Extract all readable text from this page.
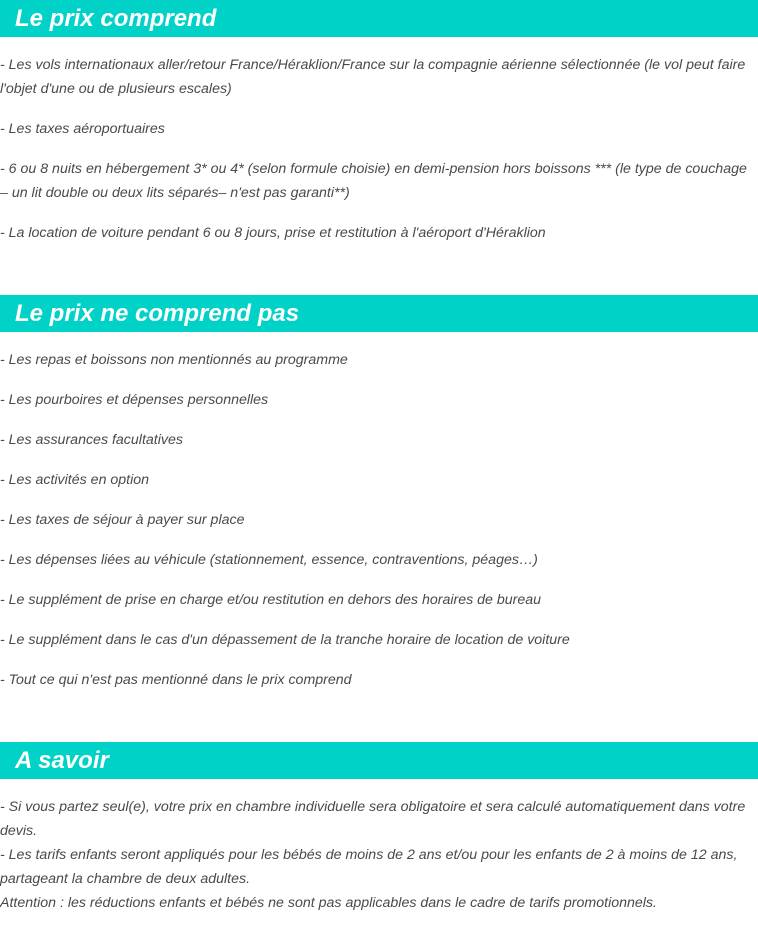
Le prix comprend
- Les vols internationaux aller/retour France/Héraklion/France sur la compagnie aérienne sélectionnée (le vol peut faire l'objet d'une ou de plusieurs escales)
- Les taxes aéroportuaires
- 6 ou 8 nuits en hébergement 3* ou 4* (selon formule choisie) en demi-pension hors boissons *** (le type de couchage – un lit double ou deux lits séparés– n'est pas garanti**)
- La location de voiture pendant 6 ou 8 jours, prise et restitution à l'aéroport d'Héraklion
Le prix ne comprend pas
- Les repas et boissons non mentionnés au programme
- Les pourboires et dépenses personnelles
- Les assurances facultatives
- Les activités en option
- Les taxes de séjour à payer sur place
- Les dépenses liées au véhicule (stationnement, essence, contraventions, péages…)
- Le supplément de prise en charge et/ou restitution en dehors des horaires de bureau
- Le supplément dans le cas d'un dépassement de la tranche horaire de location de voiture
- Tout ce qui n'est pas mentionné dans le prix comprend
A savoir
- Si vous partez seul(e), votre prix en chambre individuelle sera obligatoire et sera calculé automatiquement dans votre devis.
- Les tarifs enfants seront appliqués pour les bébés de moins de 2 ans et/ou pour les enfants de 2 à moins de 12 ans, partageant la chambre de deux adultes.
Attention : les réductions enfants et bébés ne sont pas applicables dans le cadre de tarifs promotionnels.
